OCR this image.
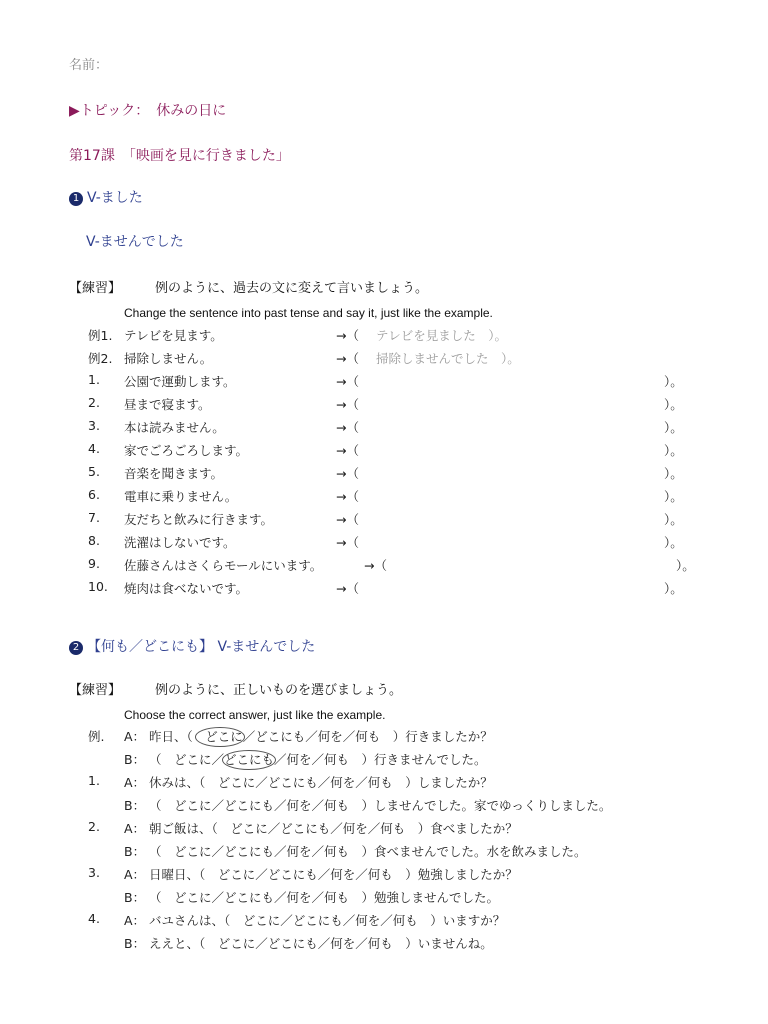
名前：
▶トピック：　休みの日に
第17課　「映画を見に行きました」
1 V-ました
V-ませんでした
【練習】	例のように、過去の文に変えて言いましょう。
Change the sentence into past tense and say it, just like the example.
例1. テレビを見ます。	→（ テレビを見ました　）。
例2. 掃除しません。	→（ 掃除しませんでした　）。
1. 公園で運動します。	→（	）。
2. 昼まで寝ます。	→（	）。
3. 本は読みません。	→（	）。
4. 家でごろごろします。	→（	）。
5. 音楽を聞きます。	→（	）。
6. 電車に乗りません。	→（	）。
7. 友だちと飲みに行きます。	→（	）。
8. 洗濯はしないです。	→（	）。
9. 佐藤さんはさくらモールにいます。	→（	）。
10. 焼肉は食べないです。	→（	）。
2 【何も／どこにも】 V-ませんでした
【練習】	例のように、正しいものを選びましょう。
Choose the correct answer, just like the example.
例. A： 昨日、（　どこに／どこにも／何を／何も　）行きましたか？
B： （　どこに／どこにも／何を／何も　）行きませんでした。
1. A： 休みは、（　どこに／どこにも／何を／何も　）しましたか？
B： （　どこに／どこにも／何を／何も　）しませんでした。家でゆっくりしました。
2. A： 朝ご飯は、（　どこに／どこにも／何を／何も　）食べましたか？
B： （　どこに／どこにも／何を／何も　）食べませんでした。水を飲みました。
3. A： 日曜日、（　どこに／どこにも／何を／何も　）勉強しましたか？
B： （　どこに／どこにも／何を／何も　）勉強しませんでした。
4. A： バユさんは、（　どこに／どこにも／何を／何も　）いますか？
B： ええと、（　どこに／どこにも／何を／何も　）いませんね。
